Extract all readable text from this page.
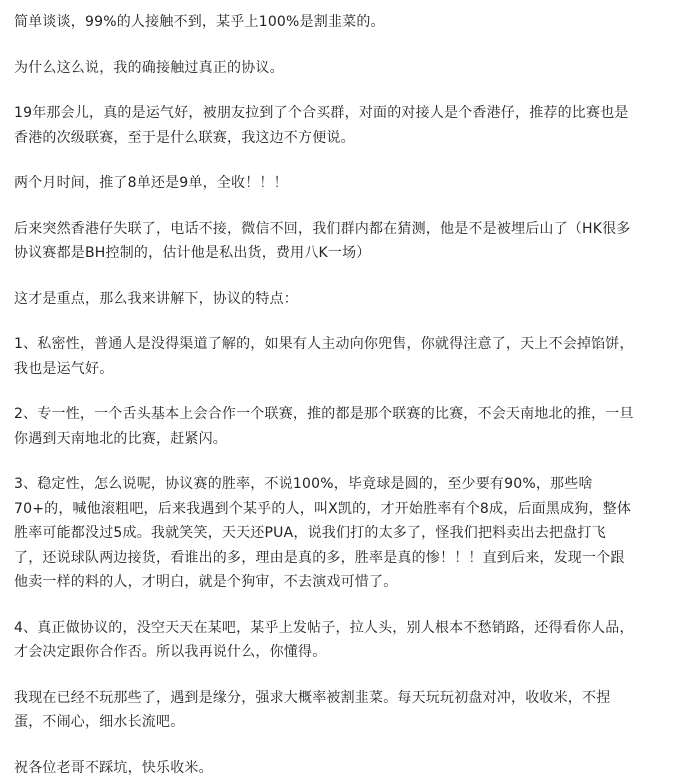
简单谈谈，99%的人接触不到，某乎上100%是割韭菜的。

为什么这么说，我的确接触过真正的协议。

19年那会儿，真的是运气好，被朋友拉到了个合买群，对面的对接人是个香港仔，推荐的比赛也是
香港的次级联赛，至于是什么联赛，我这边不方便说。

两个月时间，推了8单还是9单，全收！！！

后来突然香港仔失联了，电话不接，微信不回，我们群内都在猜测，他是不是被埋后山了（HK很多
协议赛都是BH控制的，估计他是私出货，费用八K一场）

这才是重点，那么我来讲解下，协议的特点：

1、私密性，普通人是没得渠道了解的，如果有人主动向你兜售，你就得注意了，天上不会掉馅饼，
我也是运气好。

2、专一性，一个舌头基本上会合作一个联赛，推的都是那个联赛的比赛，不会天南地北的推，一旦
你遇到天南地北的比赛，赶紧闪。

3、稳定性，怎么说呢，协议赛的胜率，不说100%，毕竟球是圆的，至少要有90%，那些啥
70+的，喊他滚粗吧，后来我遇到个某乎的人，叫X凯的，才开始胜率有个8成，后面黑成狗，整体
胜率可能都没过5成。我就笑笑，天天还PUA，说我们打的太多了，怪我们把料卖出去把盘打飞
了，还说球队两边接货，看谁出的多，理由是真的多，胜率是真的惨！！！直到后来，发现一个跟
他卖一样的料的人，才明白，就是个狗审，不去演戏可惜了。

4、真正做协议的，没空天天在某吧，某乎上发帖子，拉人头，别人根本不愁销路，还得看你人品，
才会决定跟你合作否。所以我再说什么，你懂得。

我现在已经不玩那些了，遇到是缘分，强求大概率被割韭菜。每天玩玩初盘对冲，收收米，不捏
蛋，不闹心，细水长流吧。

祝各位老哥不踩坑，快乐收米。
